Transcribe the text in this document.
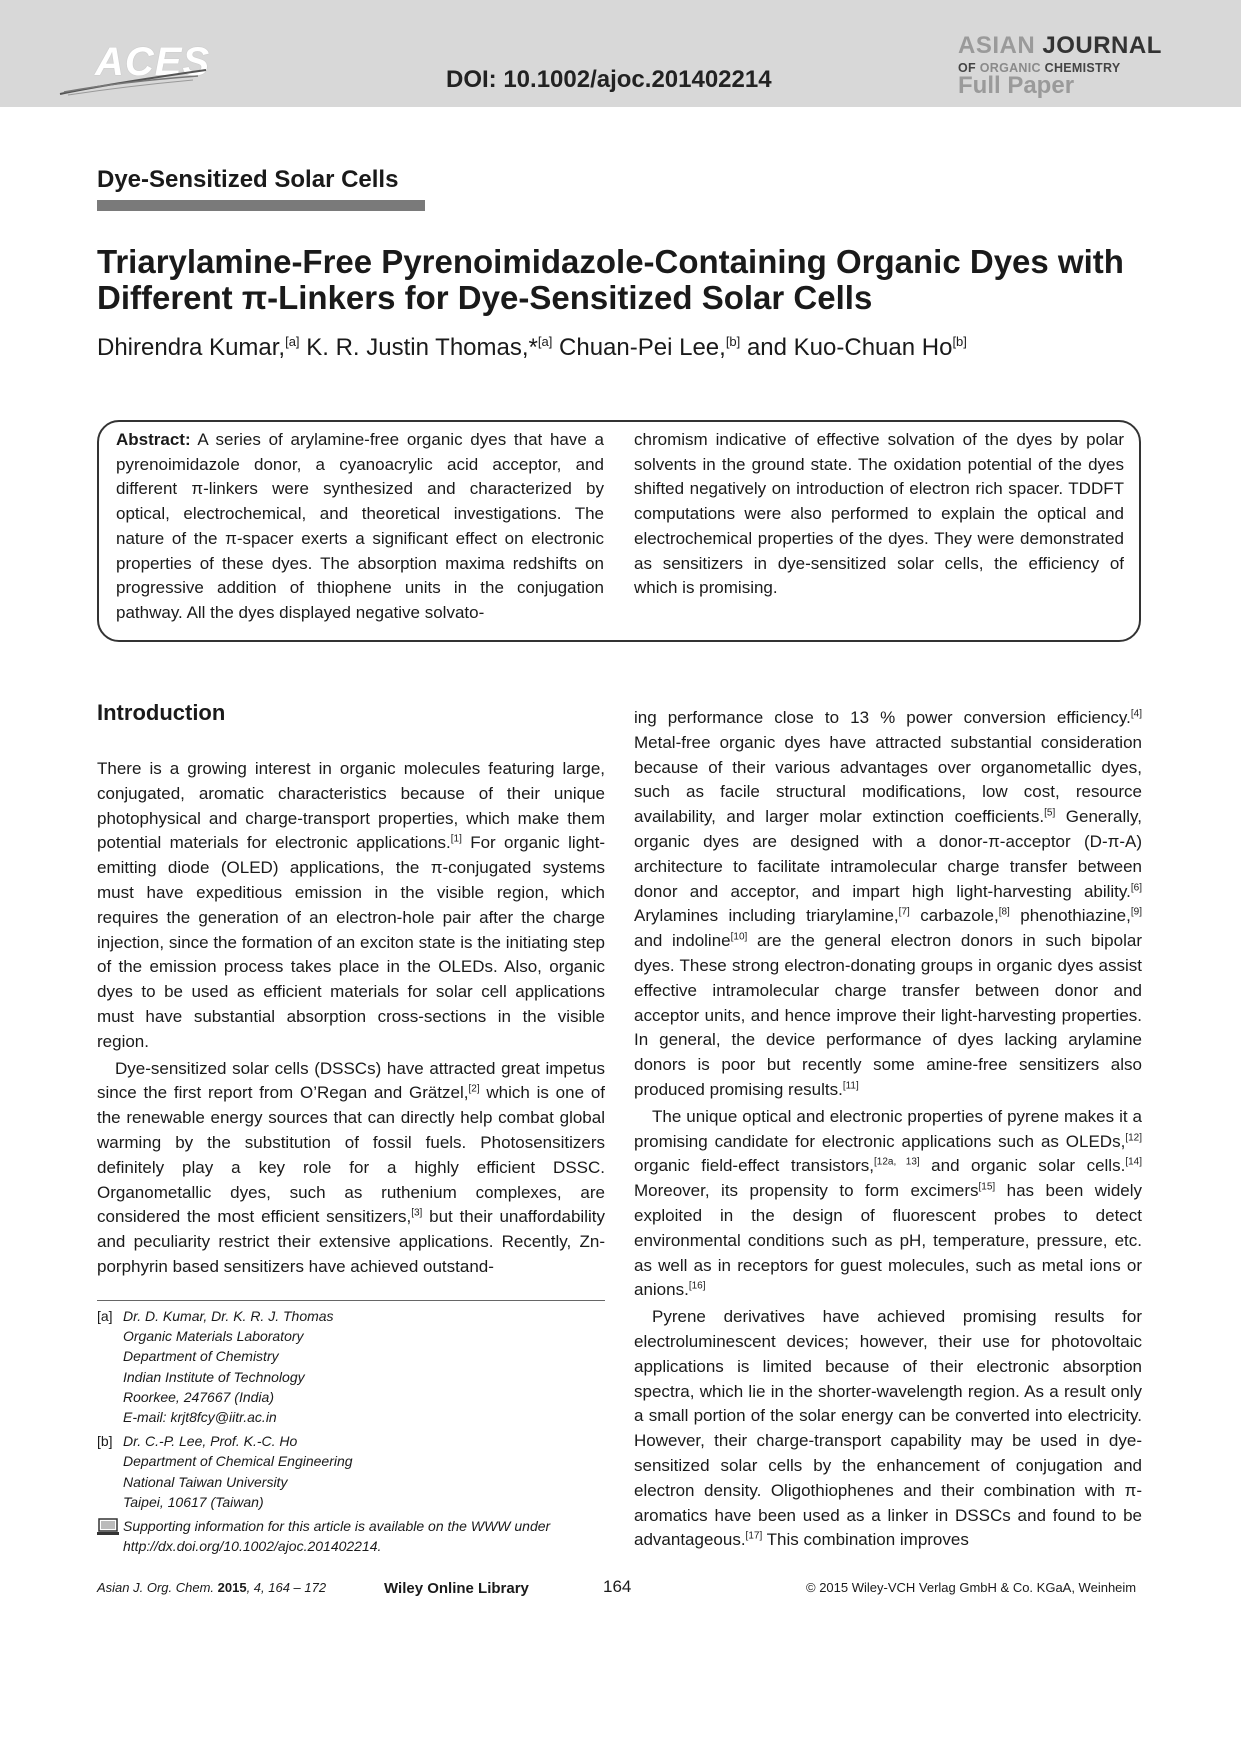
ACES	DOI: 10.1002/ajoc.201402214
ASIAN JOURNAL
OF ORGANIC CHEMISTRY
Full Paper
Dye-Sensitized Solar Cells
Triarylamine-Free Pyrenoimidazole-Containing Organic Dyes with Different π-Linkers for Dye-Sensitized Solar Cells
Dhirendra Kumar,[a] K. R. Justin Thomas,*[a] Chuan-Pei Lee,[b] and Kuo-Chuan Ho[b]
Abstract: A series of arylamine-free organic dyes that have a pyrenoimidazole donor, a cyanoacrylic acid acceptor, and different π-linkers were synthesized and characterized by optical, electrochemical, and theoretical investigations. The nature of the π-spacer exerts a significant effect on electronic properties of these dyes. The absorption maxima redshifts on progressive addition of thiophene units in the conjugation pathway. All the dyes displayed negative solvato-
chromism indicative of effective solvation of the dyes by polar solvents in the ground state. The oxidation potential of the dyes shifted negatively on introduction of electron rich spacer. TDDFT computations were also performed to explain the optical and electrochemical properties of the dyes. They were demonstrated as sensitizers in dye-sensitized solar cells, the efficiency of which is promising.
Introduction

There is a growing interest in organic molecules featuring large, conjugated, aromatic characteristics because of their unique photophysical and charge-transport properties, which make them potential materials for electronic applications.[1] For organic light-emitting diode (OLED) applications, the π-conjugated systems must have expeditious emission in the visible region, which requires the generation of an electron-hole pair after the charge injection, since the formation of an exciton state is the initiating step of the emission process takes place in the OLEDs. Also, organic dyes to be used as efficient materials for solar cell applications must have substantial absorption cross-sections in the visible region.

Dye-sensitized solar cells (DSSCs) have attracted great impetus since the first report from O’Regan and Grätzel,[2] which is one of the renewable energy sources that can directly help combat global warming by the substitution of fossil fuels. Photosensitizers definitely play a key role for a highly efficient DSSC. Organometallic dyes, such as ruthenium complexes, are considered the most efficient sensitizers,[3] but their unaffordability and peculiarity restrict their extensive applications. Recently, Zn-porphyrin based sensitizers have achieved outstand-

ing performance close to 13 % power conversion efficiency.[4] Metal-free organic dyes have attracted substantial consideration because of their various advantages over organometallic dyes, such as facile structural modifications, low cost, resource availability, and larger molar extinction coefficients.[5] Generally, organic dyes are designed with a donor-π-acceptor (D-π-A) architecture to facilitate intramolecular charge transfer between donor and acceptor, and impart high light-harvesting ability.[6] Arylamines including triarylamine,[7] carbazole,[8] phenothiazine,[9] and indoline[10] are the general electron donors in such bipolar dyes. These strong electron-donating groups in organic dyes assist effective intramolecular charge transfer between donor and acceptor units, and hence improve their light-harvesting properties. In general, the device performance of dyes lacking arylamine donors is poor but recently some amine-free sensitizers also produced promising results.[11]

The unique optical and electronic properties of pyrene makes it a promising candidate for electronic applications such as OLEDs,[12] organic field-effect transistors,[12a, 13] and organic solar cells.[14] Moreover, its propensity to form excimers[15] has been widely exploited in the design of fluorescent probes to detect environmental conditions such as pH, temperature, pressure, etc. as well as in receptors for guest molecules, such as metal ions or anions.[16]

Pyrene derivatives have achieved promising results for electroluminescent devices; however, their use for photovoltaic applications is limited because of their electronic absorption spectra, which lie in the shorter-wavelength region. As a result only a small portion of the solar energy can be converted into electricity. However, their charge-transport capability may be used in dye-sensitized solar cells by the enhancement of conjugation and electron density. Oligothiophenes and their combination with π-aromatics have been used as a linker in DSSCs and found to be advantageous.[17] This combination improves

[a] Dr. D. Kumar, Dr. K. R. J. Thomas
Organic Materials Laboratory
Department of Chemistry
Indian Institute of Technology
Roorkee, 247667 (India)
E-mail: krjt8fcy@iitr.ac.in
[b] Dr. C.-P. Lee, Prof. K.-C. Ho
Department of Chemical Engineering
National Taiwan University
Taipei, 10617 (Taiwan)
Supporting information for this article is available on the WWW under
http://dx.doi.org/10.1002/ajoc.201402214.
Asian J. Org. Chem. 2015, 4, 164 – 172	Wiley Online Library	164	© 2015 Wiley-VCH Verlag GmbH & Co. KGaA, Weinheim
